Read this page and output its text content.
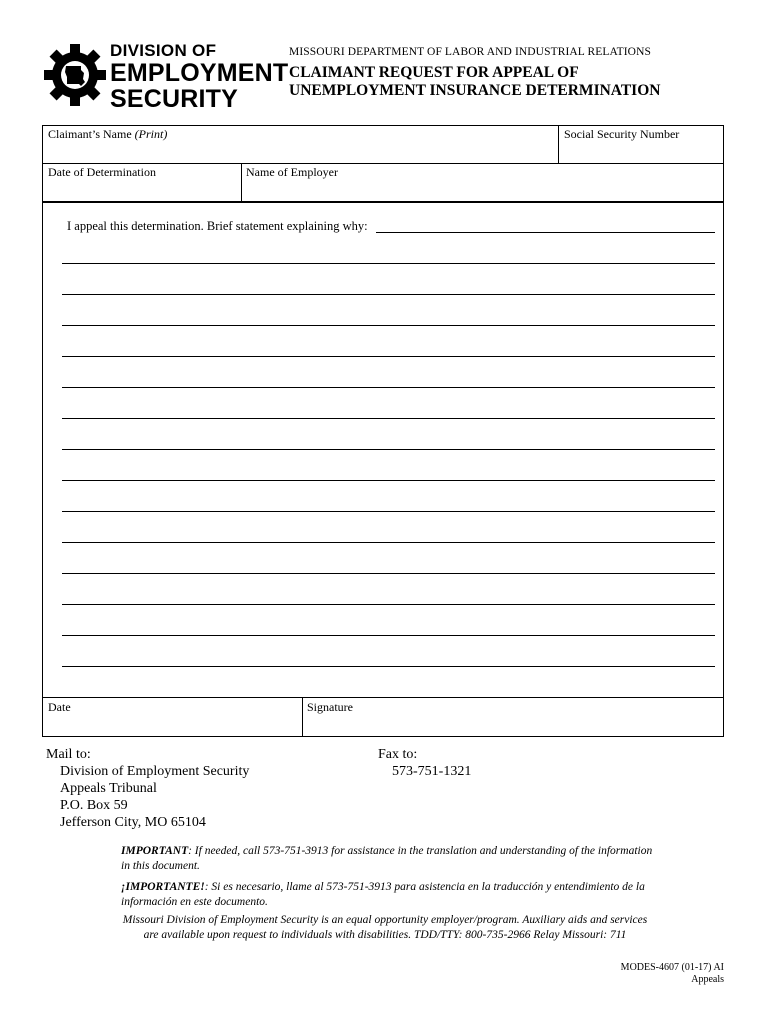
DIVISION OF
EMPLOYMENT
SECURITY
MISSOURI DEPARTMENT OF LABOR AND INDUSTRIAL RELATIONS
CLAIMANT REQUEST FOR APPEAL OF
UNEMPLOYMENT INSURANCE DETERMINATION
Claimant’s Name (Print)	Social Security Number
Date of Determination	Name of Employer
I appeal this determination. Brief statement explaining why:
Date	Signature
Mail to:
Division of Employment Security
Appeals Tribunal
P.O. Box 59
Jefferson City, MO 65104
Fax to:
573-751-1321

IMPORTANT: If needed, call 573-751-3913 for assistance in the translation and understanding of the information in this document.

¡IMPORTANTE!: Si es necesario, llame al 573-751-3913 para asistencia en la traducción y entendimiento de la información en este documento.

Missouri Division of Employment Security is an equal opportunity employer/program. Auxiliary aids and services
are available upon request to individuals with disabilities. TDD/TTY: 800-735-2966 Relay Missouri: 711
MODES-4607 (01-17) AI
Appeals
